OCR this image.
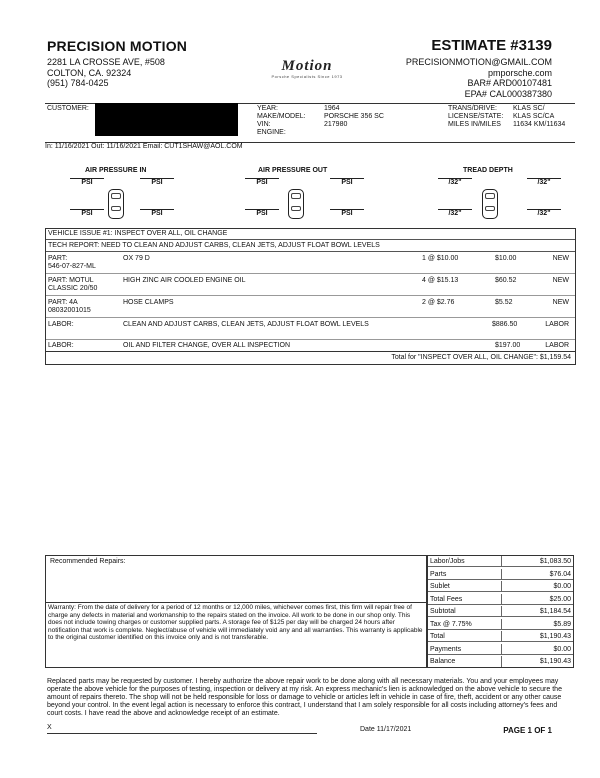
PRECISION MOTION
2281 LA CROSSE AVE, #508
COLTON, CA. 92324
(951) 784-0425
Motion
Porsche Specialists Since 1973
ESTIMATE #3139
PRECISIONMOTION@GMAIL.COM
pmporsche.com
BAR# ARD00107481
EPA# CAL000387380
CUSTOMER:	YEAR:	1964
MAKE/MODEL:	PORSCHE 356 SC
VIN:	217980
ENGINE:
TRANS/DRIVE: KLAS SC/
LICENSE/STATE: KLAS SC/CA
MILES IN/MILES 11634 KM/11634
In: 11/16/2021 Out: 11/16/2021 Email: CUT1SHAW@AOL.COM
AIR PRESSURE IN	AIR PRESSURE OUT	TREAD DEPTH
PSI	PSI
PSI	PSI
PSI	PSI
PSI	PSI
/32"	/32"
/32"	/32"
VEHICLE ISSUE #1: INSPECT OVER ALL, OIL CHANGE
TECH REPORT: NEED TO CLEAN AND ADJUST CARBS, CLEAN JETS, ADJUST FLOAT BOWL LEVELS
PART:
546-07-827-ML
OX 79 D	1 @ $10.00	$10.00	NEW
PART: MOTUL
CLASSIC 20/50
HIGH ZINC AIR COOLED ENGINE OIL	4 @ $15.13	$60.52	NEW
PART: 4A
08032001015
HOSE CLAMPS	2 @ $2.76	$5.52	NEW
LABOR:	CLEAN AND ADJUST CARBS, CLEAN JETS, ADJUST FLOAT BOWL LEVELS	$886.50	LABOR
LABOR:	OIL AND FILTER CHANGE, OVER ALL INSPECTION	$197.00	LABOR
Total for "INSPECT OVER ALL, OIL CHANGE": $1,159.54
Recommended Repairs:
Warranty: From the date of delivery for a period of 12 months or 12,000 miles, whichever comes first, this firm will repair free of charge any defects in material and workmanship to the repairs stated on the invoice. All work to be done in our shop only. This does not include towing charges or customer supplied parts. A storage fee of $125 per day will be charged 24 hours after notification that work is complete. Neglect/abuse of vehicle will immediately void any and all warranties. This warranty is applicable to the original customer identified on this invoice only and is not transferable.
Labor/Jobs	$1,083.50
Parts	$76.04
Sublet	$0.00
Total Fees	$25.00
Subtotal	$1,184.54
Tax @ 7.75%	$5.89
Total	$1,190.43
Payments	$0.00
Balance	$1,190.43
Replaced parts may be requested by customer. I hereby authorize the above repair work to be done along with all necessary materials. You and your employees may operate the above vehicle for the purposes of testing, inspection or delivery at my risk. An express mechanic's lien is acknowledged on the above vehicle to secure the amount of repairs thereto. The shop will not be held responsible for loss or damage to vehicle or articles left in vehicle in case of fire, theft, accident or any other cause beyond your control. In the event legal action is necessary to enforce this contract, I understand that I am solely responsible for all costs including attorney's fees and court costs. I have read the above and acknowledge receipt of an estimate.
X	Date 11/17/2021	PAGE 1 OF 1
